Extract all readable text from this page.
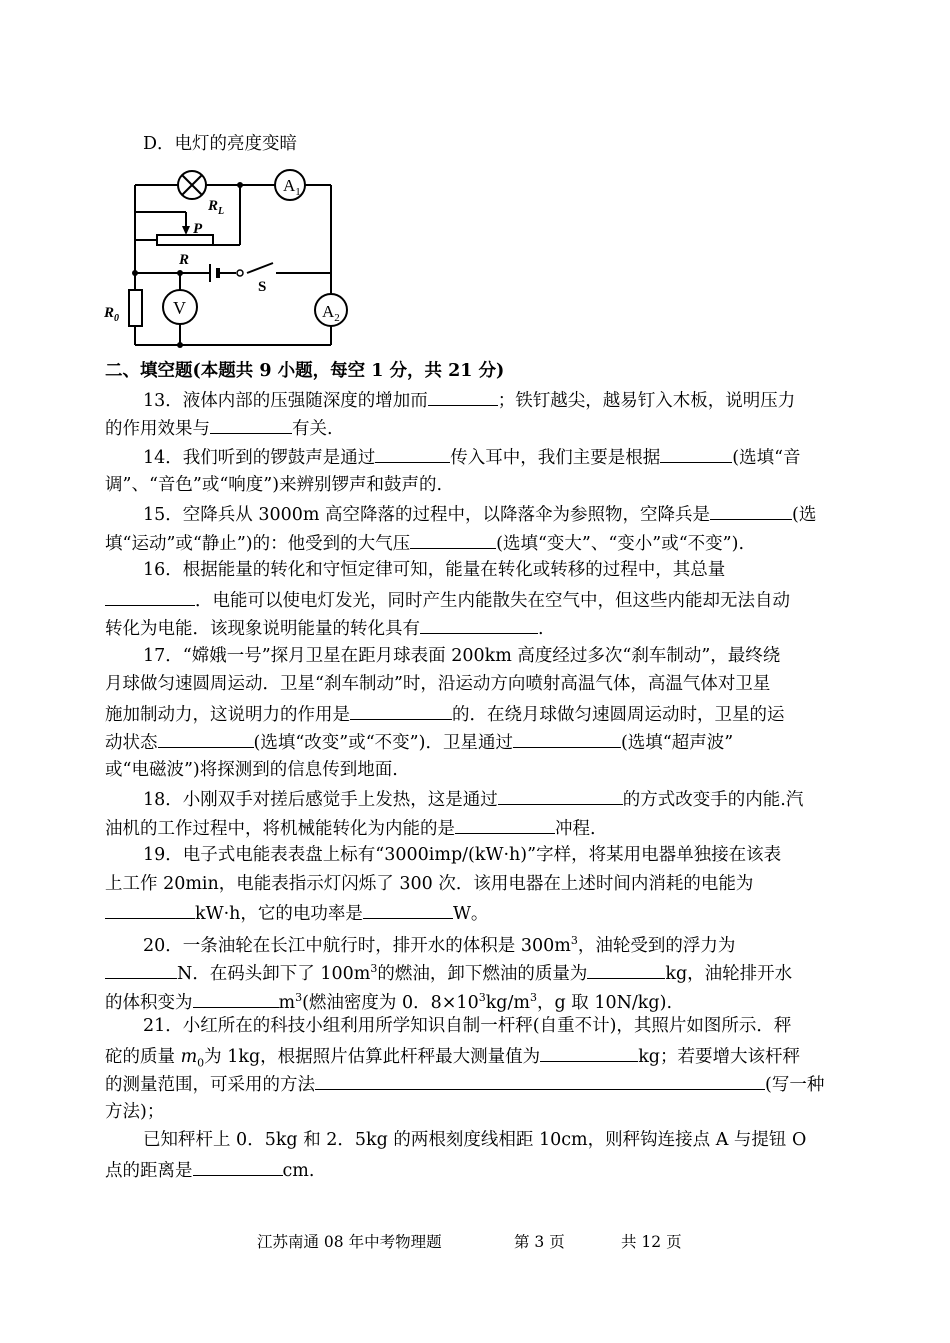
D．电灯的亮度变暗
$A_1$
$A_2$
V
$R_L$
P
R
S
$R_0$
二、填空题(本题共 9 小题，每空 1 分，共 21 分)
13．液体内部的压强随深度的增加而	；铁钉越尖，越易钉入木板，说明压力
的作用效果与	有关.
14．我们听到的锣鼓声是通过	传入耳中，我们主要是根据	(选填“音
调”、“音色”或“响度”)来辨别锣声和鼓声的.
15．空降兵从 3000m 高空降落的过程中，以降落伞为参照物，空降兵是	(选
填“运动”或“静止”)的：他受到的大气压	(选填“变大”、“变小”或“不变”).
16．根据能量的转化和守恒定律可知，能量在转化或转移的过程中，其总量
．电能可以使电灯发光，同时产生内能散失在空气中，但这些内能却无法自动
转化为电能．该现象说明能量的转化具有	.
17．“嫦娥一号”探月卫星在距月球表面 200km 高度经过多次“刹车制动”，最终绕
月球做匀速圆周运动．卫星“刹车制动”时，沿运动方向喷射高温气体，高温气体对卫星
施加制动力，这说明力的作用是	的．在绕月球做匀速圆周运动时，卫星的运
动状态	(选填“改变”或“不变”)．卫星通过	(选填“超声波”
或“电磁波”)将探测到的信息传到地面.
18．小刚双手对搓后感觉手上发热，这是通过	的方式改变手的内能.汽
油机的工作过程中，将机械能转化为内能的是	冲程.
19．电子式电能表表盘上标有“3000imp/(kW·h)”字样，将某用电器单独接在该表
上工作 20min，电能表指示灯闪烁了 300 次．该用电器在上述时间内消耗的电能为
kW·h，它的电功率是	W。
20．一条油轮在长江中航行时，排开水的体积是 $300m^3$，油轮受到的浮力为
N．在码头卸下了 $100m^3$的燃油，卸下燃油的质量为	kg，油轮排开水
的体积变为	$m^3$(燃油密度为 0．$8\times 10^3kg/m^3$，g 取 10N/kg).
21．小红所在的科技小组利用所学知识自制一杆秤(自重不计)，其照片如图所示．秤
砣的质量 $m_0$为 1kg，根据照片估算此杆秤最大测量值为	kg；若要增大该杆秤
的测量范围，可采用的方法	(写一种
方法)；
已知秤杆上 0．5kg 和 2．5kg 的两根刻度线相距 10cm，则秤钩连接点 A 与提钮 O
点的距离是	cm.
江苏南通 08 年中考物理题	第 3 页	共 12 页
